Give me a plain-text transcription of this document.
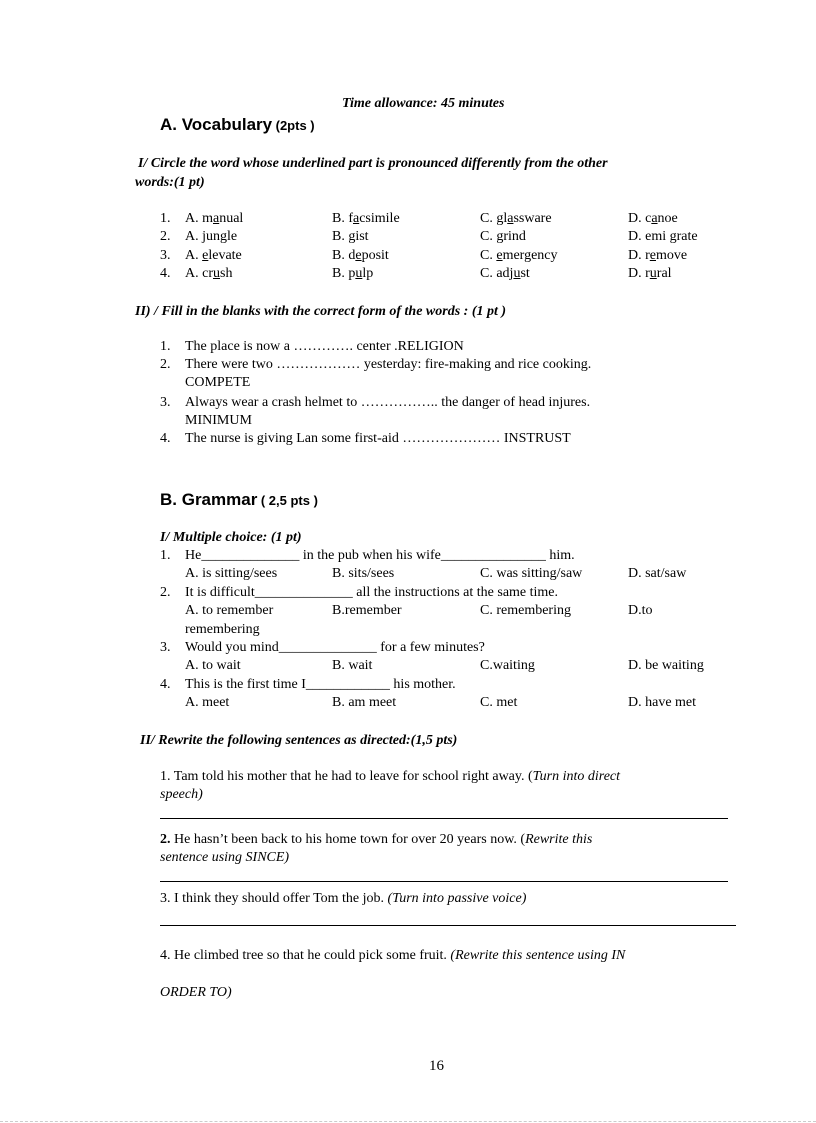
Time allowance: 45 minutes
A. Vocabulary (2pts )
I/ Circle the word whose underlined part is pronounced differently from the other
words:(1 pt)
1. A. manual	B. facsimile	C. glassware	D. canoe
2. A. jungle	B. gist	C. grind	D. emi grate
3. A. elevate	B. deposit	C. emergency	D. remove
4. A. crush	B. pulp	C. adjust	D. rural
II) / Fill in the blanks with the correct form of the words : (1 pt )
1. The place is now a …………. center .RELIGION
2. There were two ……………… yesterday: fire-making and rice cooking.
COMPETE
3. Always wear a crash helmet to …………….. the danger of head injures.
MINIMUM
4. The nurse is giving Lan some first-aid ………………… INSTRUST
B. Grammar ( 2,5 pts )
I/ Multiple choice: (1 pt)
1. He______________ in the pub when his wife_______________ him.
A. is sitting/sees	B. sits/sees	C. was sitting/saw	D. sat/saw
2. It is difficult______________ all the instructions at the same time.
A. to remember	B.remember	C. remembering	D.to
remembering
3. Would you mind______________ for a few minutes?
A. to wait	B. wait	C.waiting	D. be waiting
4. This is the first time I____________ his mother.
A. meet	B. am meet	C. met	D. have met
II/ Rewrite the following sentences as directed:(1,5 pts)
1. Tam told his mother that he had to leave for school right away. (Turn into direct
speech)
2. He hasn’t been back to his home town for over 20 years now. (Rewrite this
sentence using SINCE)
3. I think they should offer Tom the job. (Turn into passive voice)
4. He climbed tree so that he could pick some fruit. (Rewrite this sentence using IN
ORDER TO)
16
